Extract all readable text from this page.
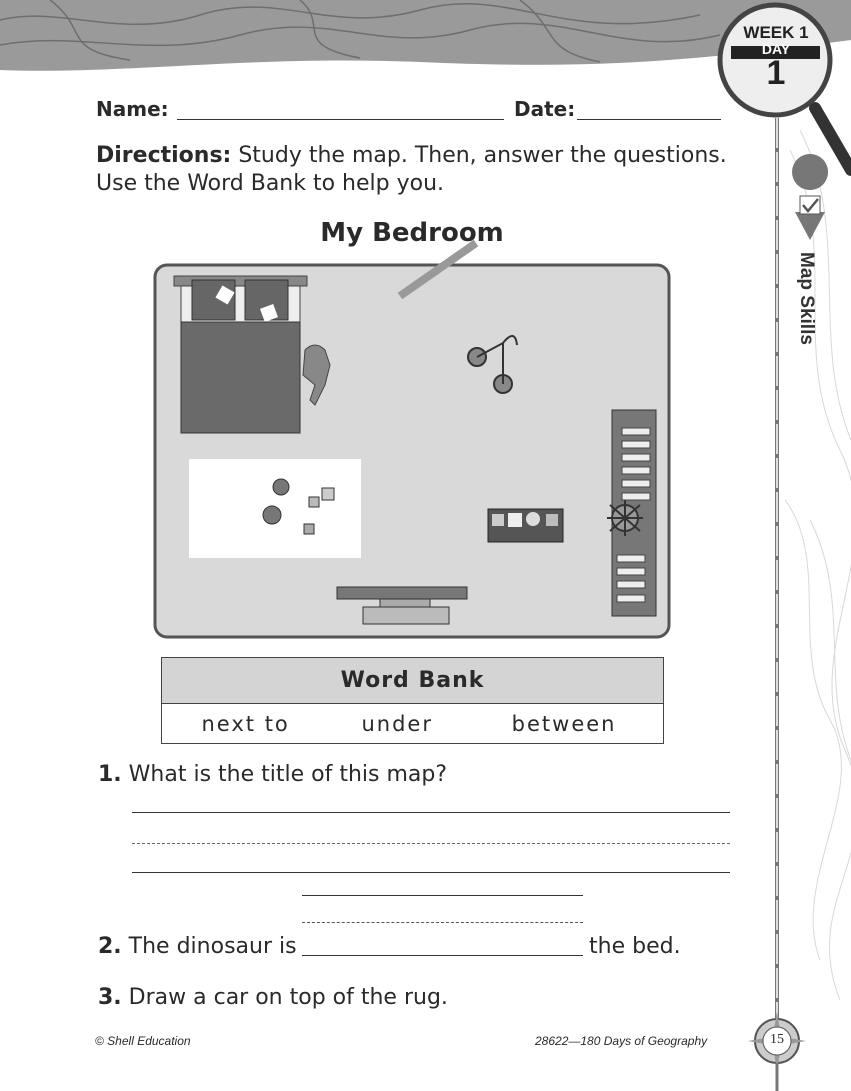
WEEK 1
DAY
1
Map Skills
Name:	Date:
Directions: Study the map. Then, answer the questions.
Use the Word Bank to help you.
My Bedroom
Word Bank
next to	under	between
1. What is the title of this map?
2. The dinosaur is	the bed.
3. Draw a car on top of the rug.
© Shell Education	28622—180 Days of Geography	15
